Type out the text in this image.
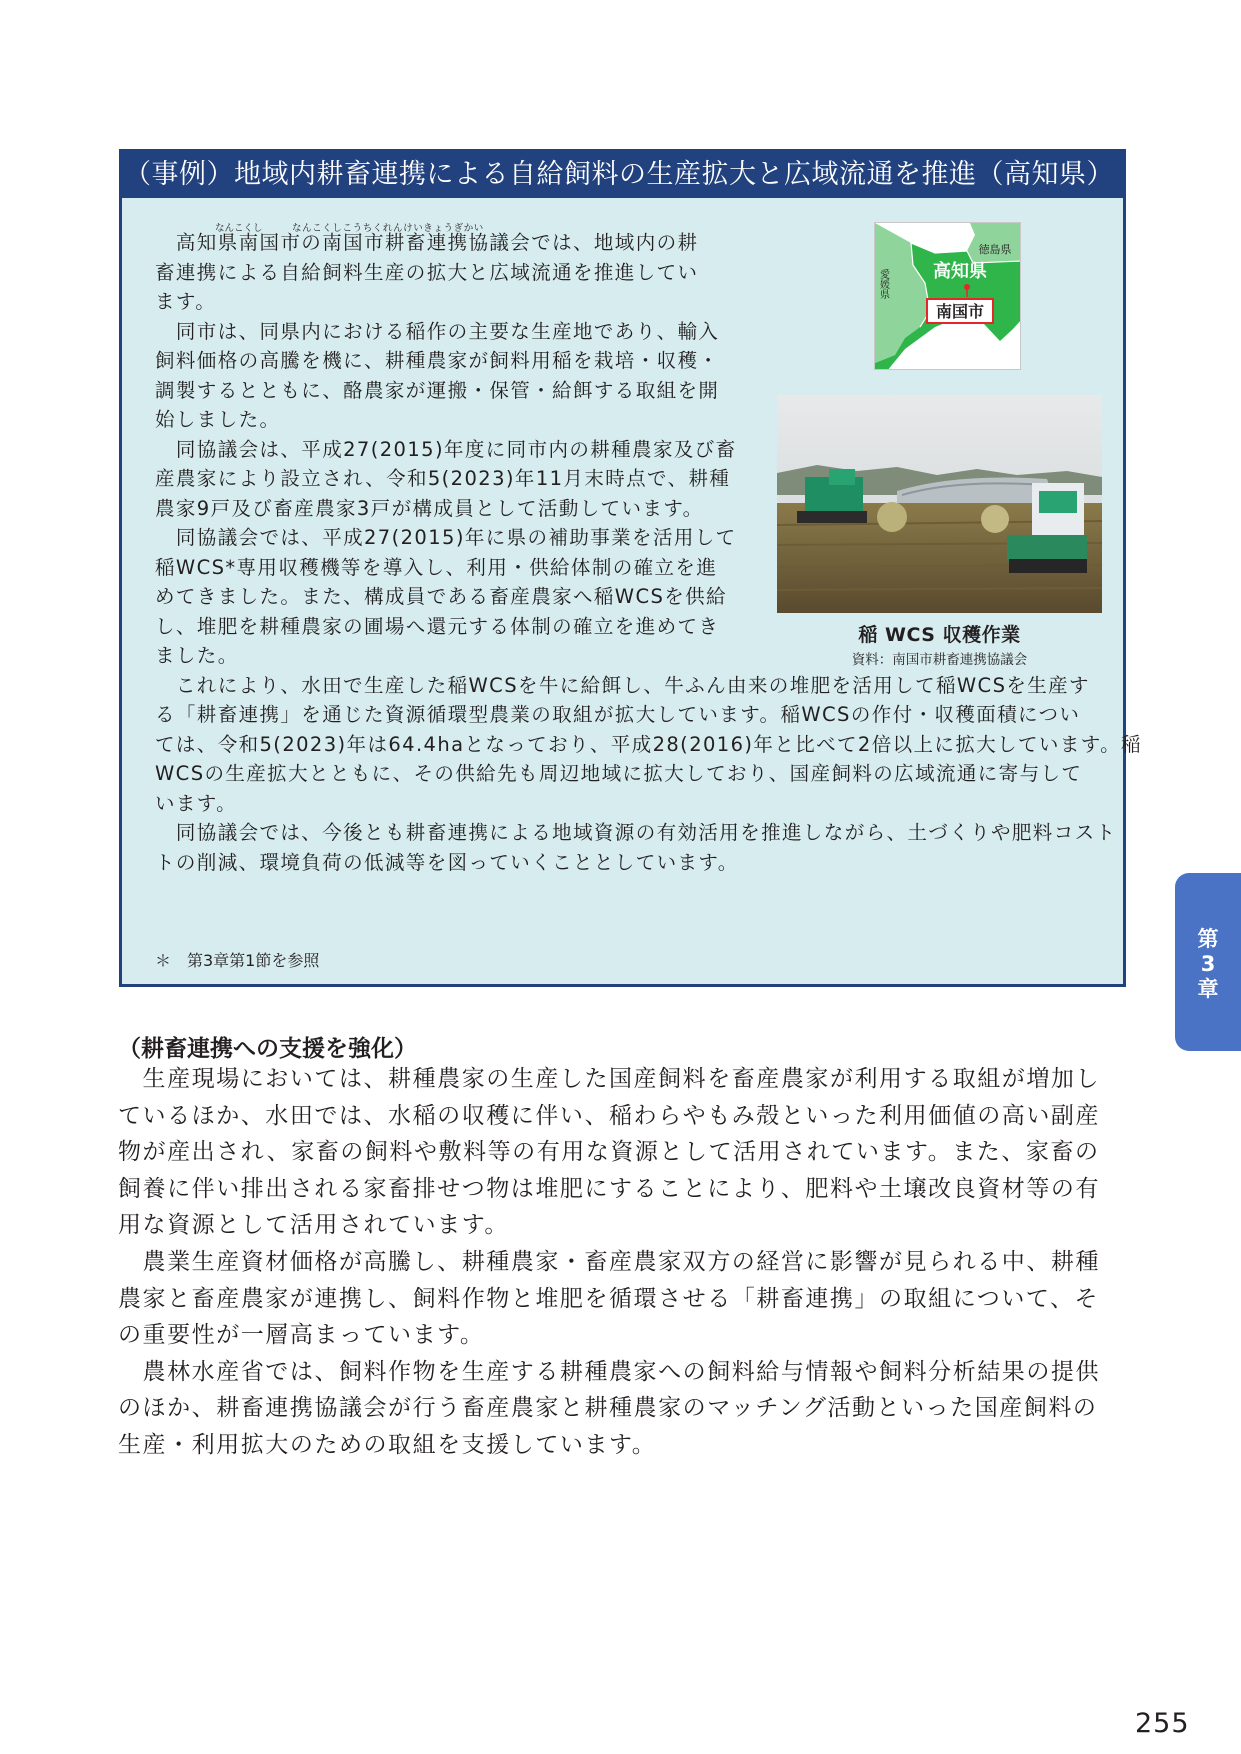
（事例）地域内耕畜連携による自給飼料の生産拡大と広域流通を推進（高知県）
なんこくし	なんこくしこうちくれんけいきょうぎかい

　高知県南国市の南国市耕畜連携協議会では、地域内の耕

畜連携による自給飼料生産の拡大と広域流通を推進してい

ます。

　同市は、同県内における稲作の主要な生産地であり、輸入

飼料価格の高騰を機に、耕種農家が飼料用稲を栽培・収穫・

調製するとともに、酪農家が運搬・保管・給餌する取組を開

始しました。

　同協議会は、平成27(2015)年度に同市内の耕種農家及び畜

産農家により設立され、令和5(2023)年11月末時点で、耕種

農家9戸及び畜産農家3戸が構成員として活動しています。

　同協議会では、平成27(2015)年に県の補助事業を活用して

稲WCS*専用収穫機等を導入し、利用・供給体制の確立を進

めてきました。また、構成員である畜産農家へ稲WCSを供給

し、堆肥を耕種農家の圃場へ還元する体制の確立を進めてき

ました。

　これにより、水田で生産した稲WCSを牛に給餌し、牛ふん由来の堆肥を活用して稲WCSを生産す

る「耕畜連携」を通じた資源循環型農業の取組が拡大しています。稲WCSの作付・収穫面積につい

ては、令和5(2023)年は64.4haとなっており、平成28(2016)年と比べて2倍以上に拡大しています。稲

WCSの生産拡大とともに、その供給先も周辺地域に拡大しており、国産飼料の広域流通に寄与して

います。

　同協議会では、今後とも耕畜連携による地域資源の有効活用を推進しながら、土づくりや肥料コスト

トの削減、環境負荷の低減等を図っていくこととしています。

南国市
高知県
徳島県
愛媛県
稲 WCS 収穫作業
資料：南国市耕畜連携協議会
＊　第3章第1節を参照
（耕畜連携への支援を強化）

　生産現場においては、耕種農家の生産した国産飼料を畜産農家が利用する取組が増加し

ているほか、水田では、水稲の収穫に伴い、稲わらやもみ殻といった利用価値の高い副産

物が産出され、家畜の飼料や敷料等の有用な資源として活用されています。また、家畜の

飼養に伴い排出される家畜排せつ物は堆肥にすることにより、肥料や土壌改良資材等の有

用な資源として活用されています。

　農業生産資材価格が高騰し、耕種農家・畜産農家双方の経営に影響が見られる中、耕種

農家と畜産農家が連携し、飼料作物と堆肥を循環させる「耕畜連携」の取組について、そ

の重要性が一層高まっています。

　農林水産省では、飼料作物を生産する耕種農家への飼料給与情報や飼料分析結果の提供

のほか、耕畜連携協議会が行う畜産農家と耕種農家のマッチング活動といった国産飼料の

生産・利用拡大のための取組を支援しています。

第
3
章
255
